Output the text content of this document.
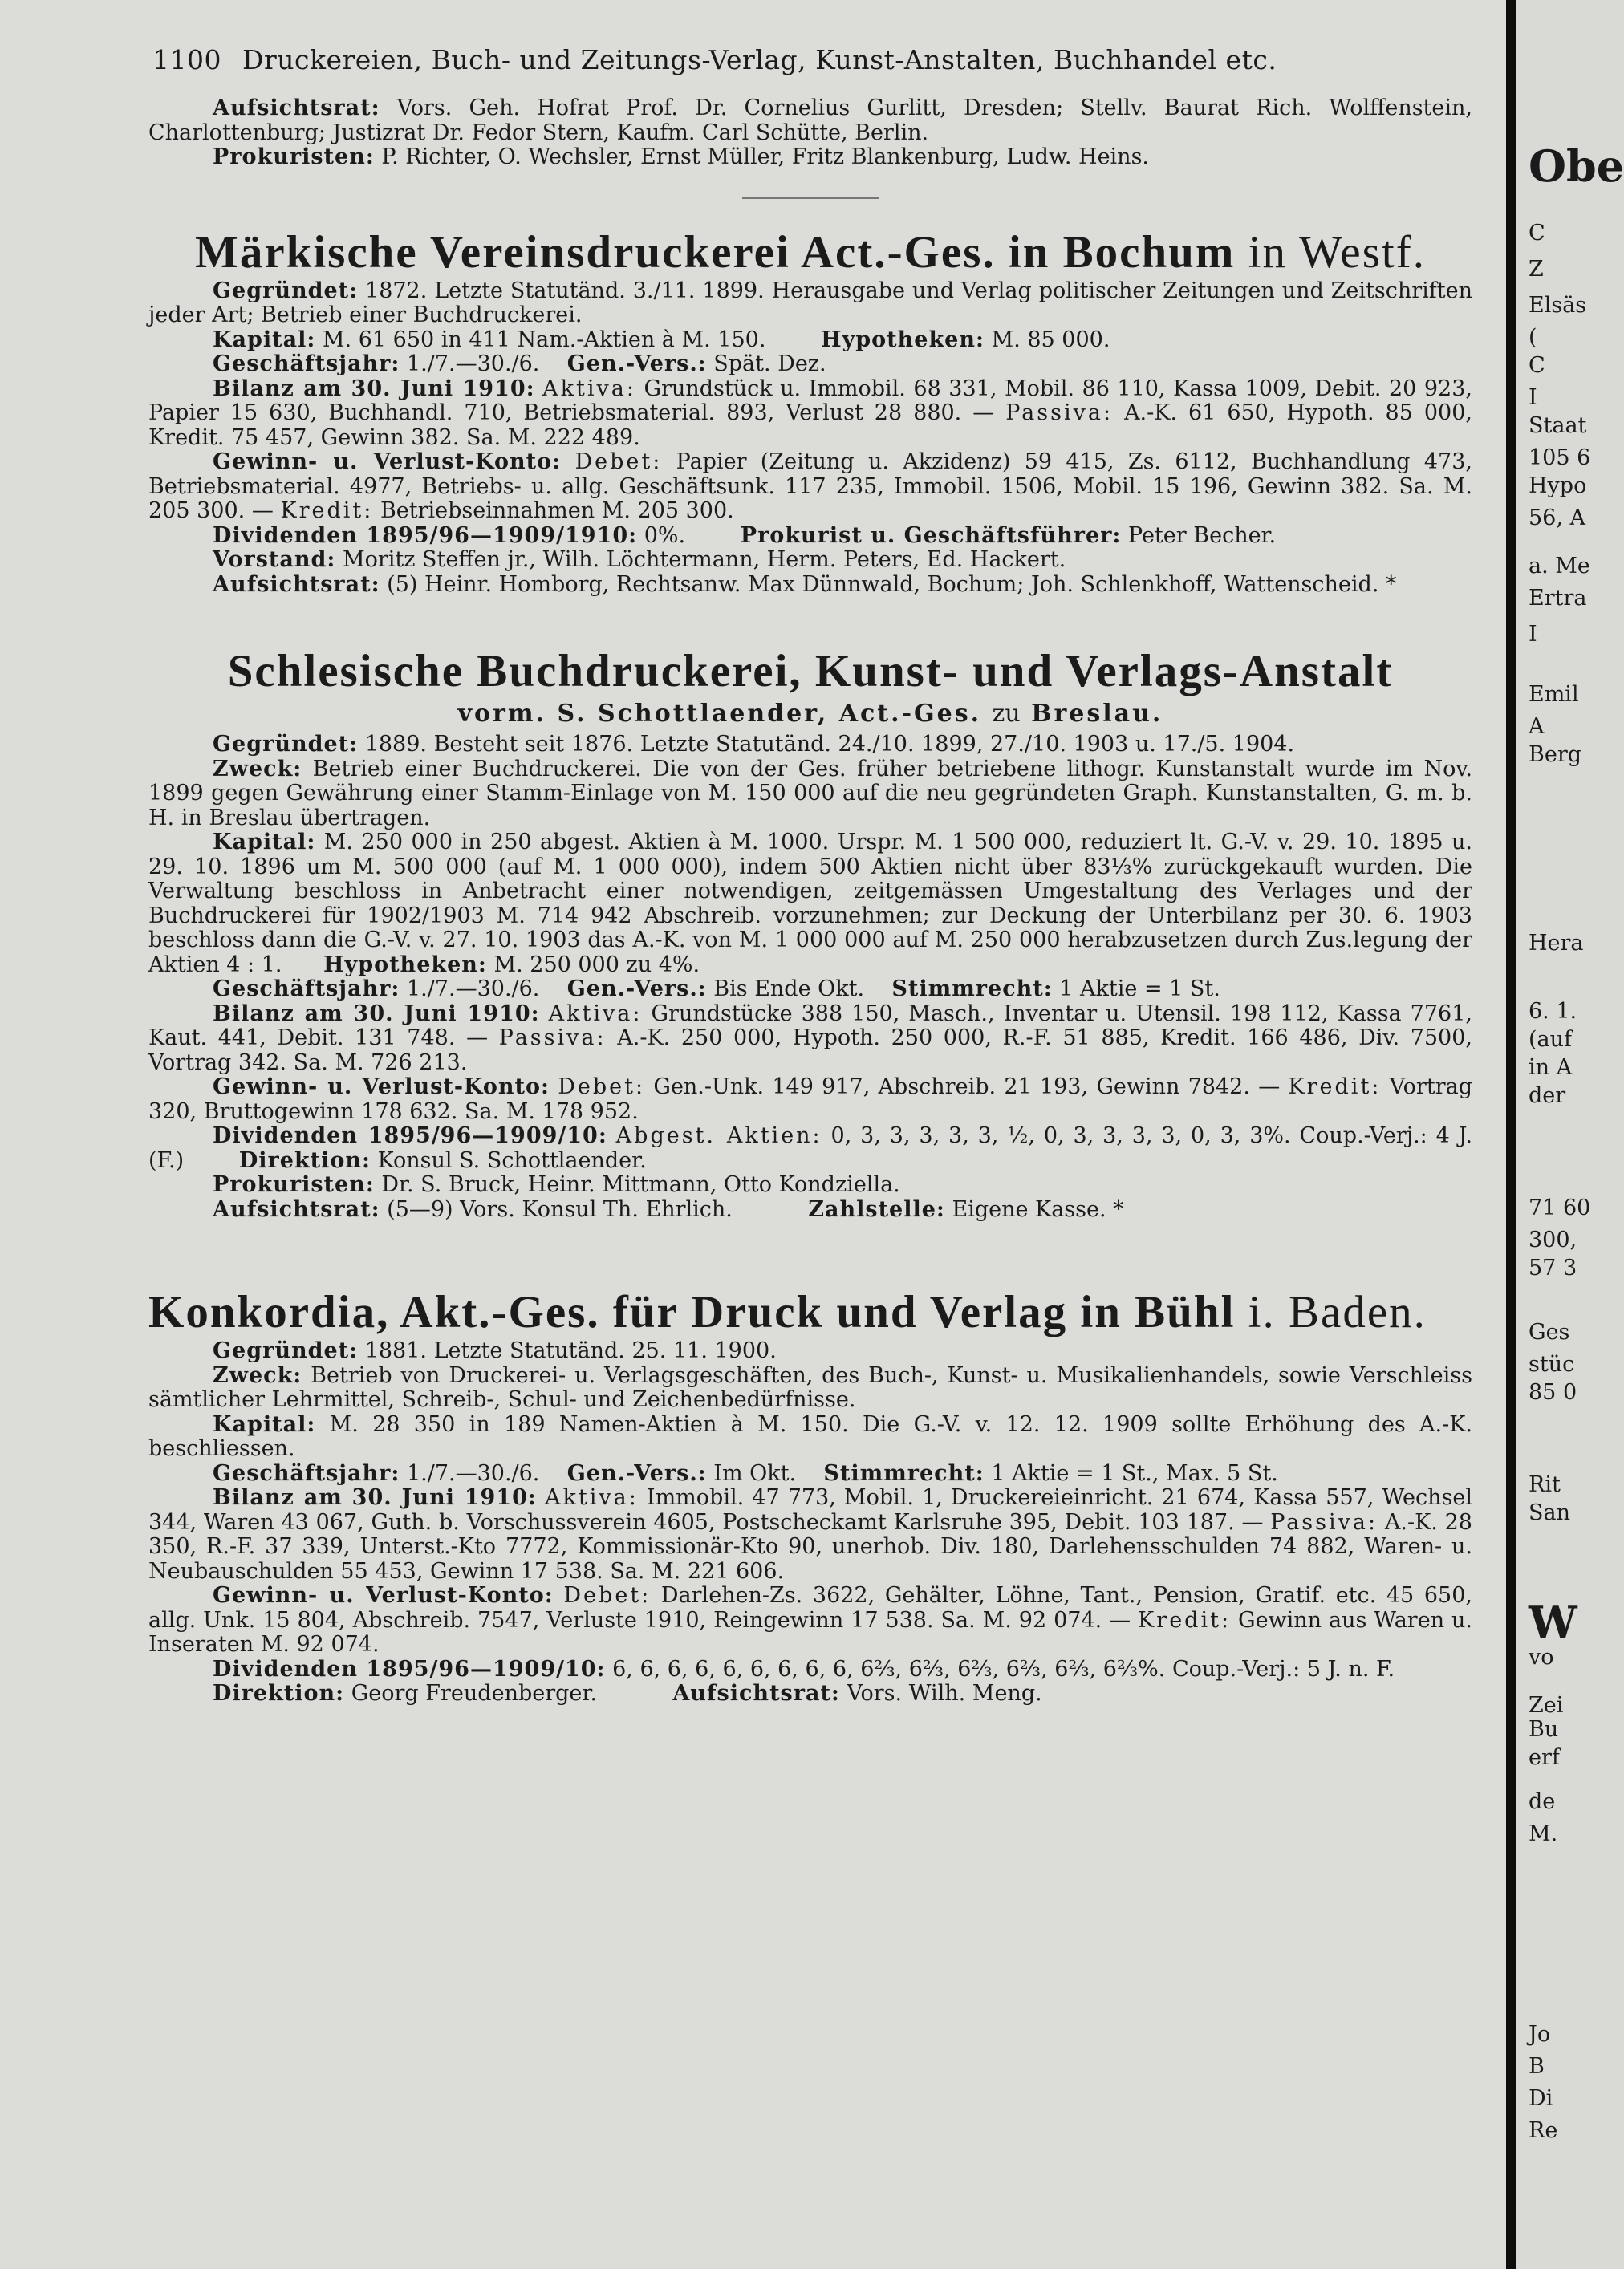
1100 Druckereien, Buch- und Zeitungs-Verlag, Kunst-Anstalten, Buchhandel etc.

Aufsichtsrat: Vors. Geh. Hofrat Prof. Dr. Cornelius Gurlitt, Dresden; Stellv. Baurat Rich. Wolffenstein, Charlottenburg; Justizrat Dr. Fedor Stern, Kaufm. Carl Schütte, Berlin.

Prokuristen: P. Richter, O. Wechsler, Ernst Müller, Fritz Blankenburg, Ludw. Heins.

Märkische Vereinsdruckerei Act.-Ges. in Bochum in Westf.

Gegründet: 1872. Letzte Statutänd. 3./11. 1899. Herausgabe und Verlag politischer Zeitungen und Zeitschriften jeder Art; Betrieb einer Buchdruckerei.

Kapital: M. 61 650 in 411 Nam.-Aktien à M. 150.	Hypotheken: M. 85 000.

Geschäftsjahr: 1./7.—30./6. Gen.-Vers.: Spät. Dez.

Bilanz am 30. Juni 1910: Aktiva: Grundstück u. Immobil. 68 331, Mobil. 86 110, Kassa 1009, Debit. 20 923, Papier 15 630, Buchhandl. 710, Betriebsmaterial. 893, Verlust 28 880. — Passiva: A.-K. 61 650, Hypoth. 85 000, Kredit. 75 457, Gewinn 382. Sa. M. 222 489.

Gewinn- u. Verlust-Konto: Debet: Papier (Zeitung u. Akzidenz) 59 415, Zs. 6112, Buchhandlung 473, Betriebsmaterial. 4977, Betriebs- u. allg. Geschäftsunk. 117 235, Immobil. 1506, Mobil. 15 196, Gewinn 382. Sa. M. 205 300. — Kredit: Betriebseinnahmen M. 205 300.

Dividenden 1895/96—1909/1910: 0%.	Prokurist u. Geschäftsführer: Peter Becher.

Vorstand: Moritz Steffen jr., Wilh. Löchtermann, Herm. Peters, Ed. Hackert.

Aufsichtsrat: (5) Heinr. Homborg, Rechtsanw. Max Dünnwald, Bochum; Joh. Schlenkhoff, Wattenscheid. *

Schlesische Buchdruckerei, Kunst- und Verlags-Anstalt
vorm. S. Schottlaender, Act.-Ges. zu Breslau.

Gegründet: 1889. Besteht seit 1876. Letzte Statutänd. 24./10. 1899, 27./10. 1903 u. 17./5. 1904.

Zweck: Betrieb einer Buchdruckerei. Die von der Ges. früher betriebene lithogr. Kunstanstalt wurde im Nov. 1899 gegen Gewährung einer Stamm-Einlage von M. 150 000 auf die neu gegründeten Graph. Kunstanstalten, G. m. b. H. in Breslau übertragen.

Kapital: M. 250 000 in 250 abgest. Aktien à M. 1000. Urspr. M. 1 500 000, reduziert lt. G.-V. v. 29. 10. 1895 u. 29. 10. 1896 um M. 500 000 (auf M. 1 000 000), indem 500 Aktien nicht über 83⅓% zurückgekauft wurden. Die Verwaltung beschloss in Anbetracht einer notwendigen, zeitgemässen Umgestaltung des Verlages und der Buchdruckerei für 1902/1903 M. 714 942 Abschreib. vorzunehmen; zur Deckung der Unterbilanz per 30. 6. 1903 beschloss dann die G.-V. v. 27. 10. 1903 das A.-K. von M. 1 000 000 auf M. 250 000 herabzusetzen durch Zus.legung der Aktien 4 : 1. Hypotheken: M. 250 000 zu 4%.

Geschäftsjahr: 1./7.—30./6. Gen.-Vers.: Bis Ende Okt. Stimmrecht: 1 Aktie = 1 St.

Bilanz am 30. Juni 1910: Aktiva: Grundstücke 388 150, Masch., Inventar u. Utensil. 198 112, Kassa 7761, Kaut. 441, Debit. 131 748. — Passiva: A.-K. 250 000, Hypoth. 250 000, R.-F. 51 885, Kredit. 166 486, Div. 7500, Vortrag 342. Sa. M. 726 213.

Gewinn- u. Verlust-Konto: Debet: Gen.-Unk. 149 917, Abschreib. 21 193, Gewinn 7842. — Kredit: Vortrag 320, Bruttogewinn 178 632. Sa. M. 178 952.

Dividenden 1895/96—1909/10: Abgest. Aktien: 0, 3, 3, 3, 3, 3, ½, 0, 3, 3, 3, 3, 0, 3, 3%. Coup.-Verj.: 4 J. (F.)	Direktion: Konsul S. Schottlaender.

Prokuristen: Dr. S. Bruck, Heinr. Mittmann, Otto Kondziella.

Aufsichtsrat: (5—9) Vors. Konsul Th. Ehrlich.	Zahlstelle: Eigene Kasse. *

Konkordia, Akt.-Ges. für Druck und Verlag in Bühl i. Baden.

Gegründet: 1881. Letzte Statutänd. 25. 11. 1900.

Zweck: Betrieb von Druckerei- u. Verlagsgeschäften, des Buch-, Kunst- u. Musikalienhandels, sowie Verschleiss sämtlicher Lehrmittel, Schreib-, Schul- und Zeichenbedürfnisse.

Kapital: M. 28 350 in 189 Namen-Aktien à M. 150. Die G.-V. v. 12. 12. 1909 sollte Erhöhung des A.-K. beschliessen.

Geschäftsjahr: 1./7.—30./6. Gen.-Vers.: Im Okt. Stimmrecht: 1 Aktie = 1 St., Max. 5 St.

Bilanz am 30. Juni 1910: Aktiva: Immobil. 47 773, Mobil. 1, Druckereieinricht. 21 674, Kassa 557, Wechsel 344, Waren 43 067, Guth. b. Vorschussverein 4605, Postscheckamt Karlsruhe 395, Debit. 103 187. — Passiva: A.-K. 28 350, R.-F. 37 339, Unterst.-Kto 7772, Kommissionär-Kto 90, unerhob. Div. 180, Darlehensschulden 74 882, Waren- u. Neubauschulden 55 453, Gewinn 17 538. Sa. M. 221 606.

Gewinn- u. Verlust-Konto: Debet: Darlehen-Zs. 3622, Gehälter, Löhne, Tant., Pension, Gratif. etc. 45 650, allg. Unk. 15 804, Abschreib. 7547, Verluste 1910, Reingewinn 17 538. Sa. M. 92 074. — Kredit: Gewinn aus Waren u. Inseraten M. 92 074.

Dividenden 1895/96—1909/10: 6, 6, 6, 6, 6, 6, 6, 6, 6, 6⅔, 6⅔, 6⅔, 6⅔, 6⅔, 6⅔%. Coup.-Verj.: 5 J. n. F.

Direktion: Georg Freudenberger.	Aufsichtsrat: Vors. Wilh. Meng.

Obe
C
Z
Elsäs
(
C
I
Staat
105 6
Hypo
56, A
a. Me
Ertra
I
Emil
A
Berg
Hera
6. 1.
(auf
in A
der
71 60
300,
57 3
Ges
stüc
85 0
Rit
San
W
vo
Zei
Bu
erf
de
M.
Jo
B
Di
Re
